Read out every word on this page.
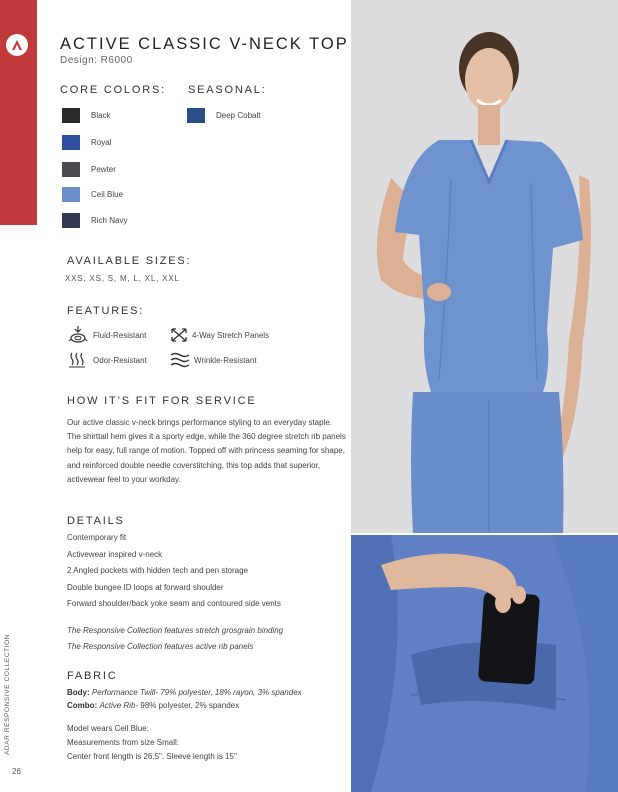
ADAR RESPONSIVE COLLECTION
26
ACTIVE CLASSIC V-NECK TOP
Design: R6000
CORE COLORS: SEASONAL:
Black
Royal
Pewter
Ceil Blue
Rich Navy
Deep Cobalt
AVAILABLE SIZES:
XXS, XS, S, M, L, XL, XXL
FEATURES:
Fluid-Resistant	4-Way Stretch Panels
Odor-Resistant	Wrinkle-Resistant
HOW IT’S FIT FOR SERVICE

Our active classic v-neck brings performance styling to an everyday staple. The shirttail hem gives it a sporty edge, while the 360 degree stretch rib panels help for easy, full range of motion. Topped off with princess seaming for shape, and reinforced double needle coverstitching, this top adds that superior, activewear feel to your workday.

DETAILS
Contemporary fit
Activewear inspired v-neck
2 Angled pockets with hidden tech and pen storage
Double bungee ID loops at forward shoulder
Forward shoulder/back yoke seam and contoured side vents
The Responsive Collection features stretch grosgrain binding
The Responsive Collection features active rib panels
FABRIC
Body: Performance Twill- 79% polyester, 18% rayon, 3% spandex
Combo: Active Rib- 98% polyester, 2% spandex
Model wears Ceil Blue:
Measurements from size Small:
Center front length is 26.5". Sleeve length is 15"
